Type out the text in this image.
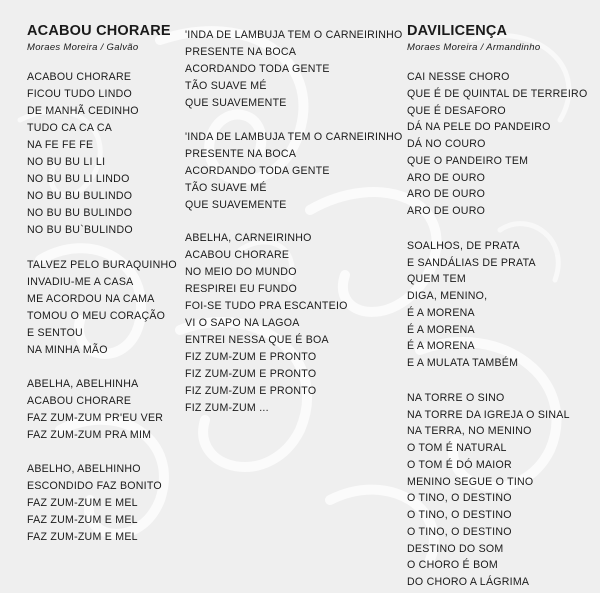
ACABOU CHORARE
Moraes Moreira / Galvão
ACABOU CHORARE
FICOU TUDO LINDO
DE MANHÃ CEDINHO
TUDO CA CA CA
NA FE FE FE
NO BU BU LI LI
NO BU BU LI LINDO
NO BU BU BULINDO
NO BU BU BULINDO
NO BU BU`BULINDO
TALVEZ PELO BURAQUINHO
INVADIU-ME A CASA
ME ACORDOU NA CAMA
TOMOU O MEU CORAÇÃO
E SENTOU
NA MINHA MÃO
ABELHA, ABELHINHA
ACABOU CHORARE
FAZ ZUM-ZUM PR'EU VER
FAZ ZUM-ZUM PRA MIM
ABELHO, ABELHINHO
ESCONDIDO FAZ BONITO
FAZ ZUM-ZUM E MEL
FAZ ZUM-ZUM E MEL
FAZ ZUM-ZUM E MEL
'INDA DE LAMBUJA TEM O CARNEIRINHO
PRESENTE NA BOCA
ACORDANDO TODA GENTE
TÃO SUAVE MÉ
QUE SUAVEMENTE
'INDA DE LAMBUJA TEM O CARNEIRINHO
PRESENTE NA BOCA
ACORDANDO TODA GENTE
TÃO SUAVE MÉ
QUE SUAVEMENTE
ABELHA, CARNEIRINHO
ACABOU CHORARE
NO MEIO DO MUNDO
RESPIREI EU FUNDO
FOI-SE TUDO PRA ESCANTEIO
VI O SAPO NA LAGOA
ENTREI NESSA QUE É BOA
FIZ ZUM-ZUM E PRONTO
FIZ ZUM-ZUM E PRONTO
FIZ ZUM-ZUM E PRONTO
FIZ ZUM-ZUM ...
DAVILICENÇA
Moraes Moreira / Armandinho
CAI NESSE CHORO
QUE É DE QUINTAL DE TERREIRO
QUE É DESAFORO
DÁ NA PELE DO PANDEIRO
DÁ NO COURO
QUE O PANDEIRO TEM
ARO DE OURO
ARO DE OURO
ARO DE OURO
SOALHOS, DE PRATA
E SANDÁLIAS DE PRATA
QUEM TEM
DIGA, MENINO,
É A MORENA
É A MORENA
É A MORENA
E A MULATA TAMBÉM
NA TORRE O SINO
NA TORRE DA IGREJA O SINAL
NA TERRA, NO MENINO
O TOM É NATURAL
O TOM É DÓ MAIOR
MENINO SEGUE O TINO
O TINO, O DESTINO
O TINO, O DESTINO
O TINO, O DESTINO
DESTINO DO SOM
O CHORO É BOM
DO CHORO A LÁGRIMA
